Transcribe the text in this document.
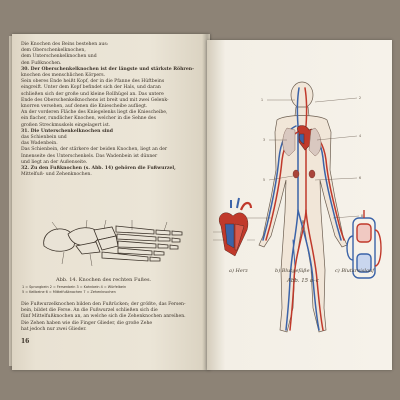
Die Knochen des Beins bestehen aus:
dem Oberschenkelknochen,
dem Unterschenkelknochen und
den Fußknochen.
30. Der Oberschenkelknochen ist der längste und stärkste Röhren-
knochen des menschlichen Körpers.
Sein oberes Ende heißt Kopf, der in die Pfanne des Hüftbeins
eingreift. Unter dem Kopf befindet sich der Hals, und daran
schließen sich der große und kleine Rollhügel an. Das untere
Ende des Oberschenkelknochens ist breit und mit zwei Gelenk-
knorren versehen, auf denen die Kniescheibe aufliegt.
An der vorderen Fläche des Kniegelenks liegt die Kniescheibe,
ein flacher, rundlicher Knochen, welcher in die Sehne des
großen Streckmuskels eingelagert ist.
31. Die Unterschenkelknochen sind
das Schienbein und
das Wadenbein.
Das Schienbein, der stärkere der beiden Knochen, liegt an der
Innenseite des Unterschenkels. Das Wadenbein ist dünner
und liegt an der Außenseite.
32. Zu den Fußknochen (s. Abb. 14) gehören die Fußwurzel,
Mittelfuß- und Zehenknochen.
Abb. 14. Knochen des rechten Fußes.
1 = Sprungbein 2 = Fersenbein 3 = Kahnbein 4 = Würfelbein
5 = Keilbeine 6 = Mittelfußknochen 7 = Zehenknochen
Die Fußwurzelknochen bilden den Fußrücken; der größte, das Fersen-
bein, bildet die Ferse. An die Fußwurzel schließen sich die
fünf Mittelfußknochen an, an welche sich die Zehenknochen anreihen.
Die Zehen haben wie die Finger Glieder, die große Zehe
hat jedoch nur zwei Glieder.
16
1	2
3
4
5	6
8
a) Herz	b) Blutgefäße	c) Blutkreislauf
Abb. 15 a–c
